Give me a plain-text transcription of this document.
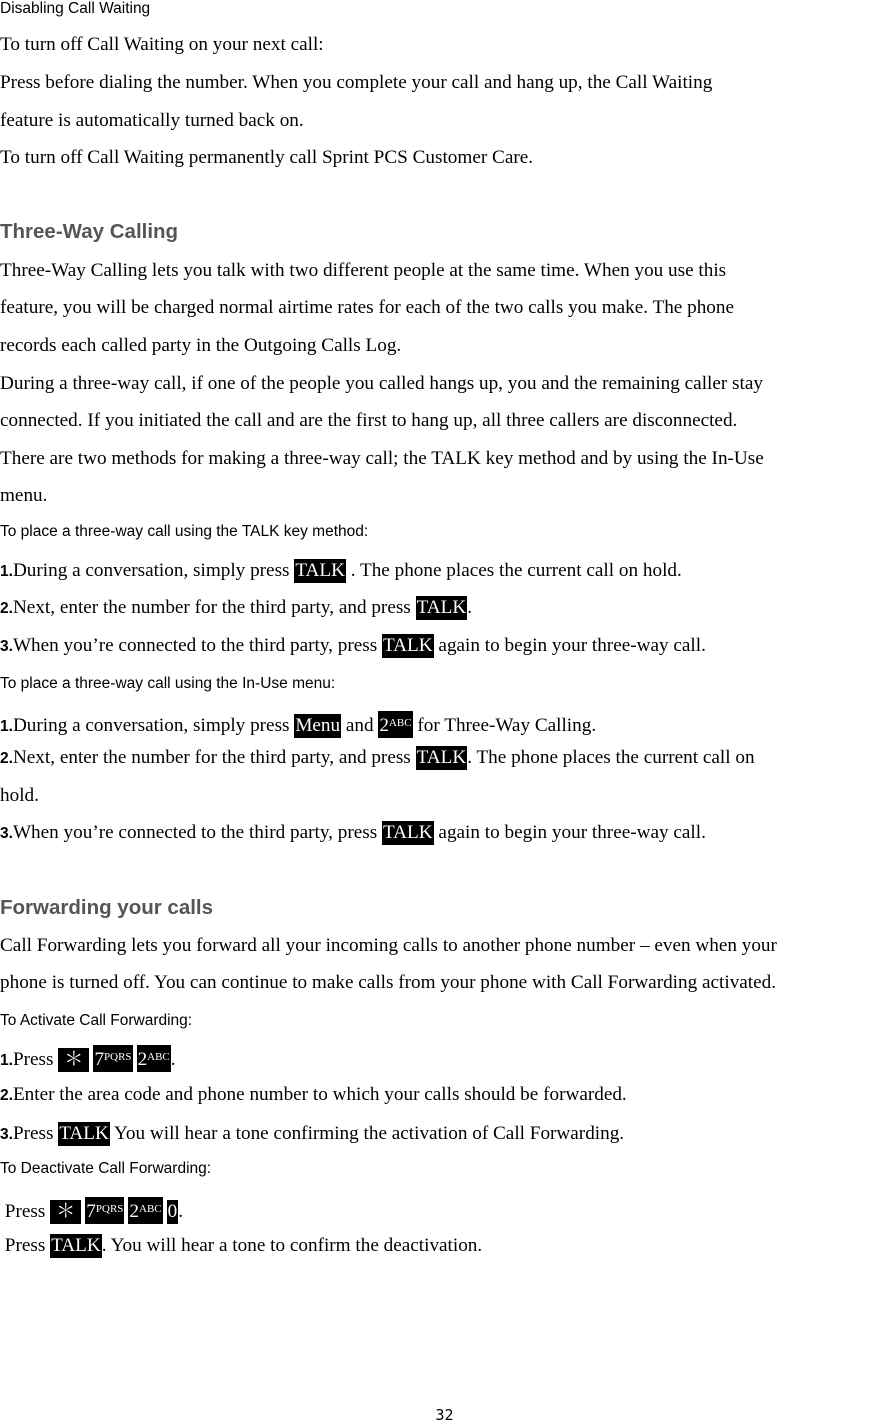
Disabling Call Waiting
To turn off Call Waiting on your next call:
Press before dialing the number. When you complete your call and hang up, the Call Waiting
feature is automatically turned back on.
To turn off Call Waiting permanently call Sprint PCS Customer Care.
Three-Way Calling
Three-Way Calling lets you talk with two different people at the same time. When you use this
feature, you will be charged normal airtime rates for each of the two calls you make. The phone
records each called party in the Outgoing Calls Log.
During a three-way call, if one of the people you called hangs up, you and the remaining caller stay
connected. If you initiated the call and are the first to hang up, all three callers are disconnected.
There are two methods for making a three-way call; the TALK key method and by using the In-Use
menu.
To place a three-way call using the TALK key method:
1.During a conversation, simply press TALK . The phone places the current call on hold.
2.Next, enter the number for the third party, and press TALK.
3.When you’re connected to the third party, press TALK again to begin your three-way call.
To place a three-way call using the In-Use menu:
1.During a conversation, simply press Menu and $2^{ABC}$ for Three-Way Calling.
2.Next, enter the number for the third party, and press TALK. The phone places the current call on
hold.
3.When you’re connected to the third party, press TALK again to begin your three-way call.
Forwarding your calls
Call Forwarding lets you forward all your incoming calls to another phone number – even when your
phone is turned off. You can continue to make calls from your phone with Call Forwarding activated.
To Activate Call Forwarding:
1.Press ＊ $7^{PQRS}$ $2^{ABC}$.
2.Enter the area code and phone number to which your calls should be forwarded.
3.Press TALK You will hear a tone confirming the activation of Call Forwarding.
To Deactivate Call Forwarding:
Press ＊ $7^{PQRS}$ $2^{ABC}$ 0.
Press TALK. You will hear a tone to confirm the deactivation.
32
